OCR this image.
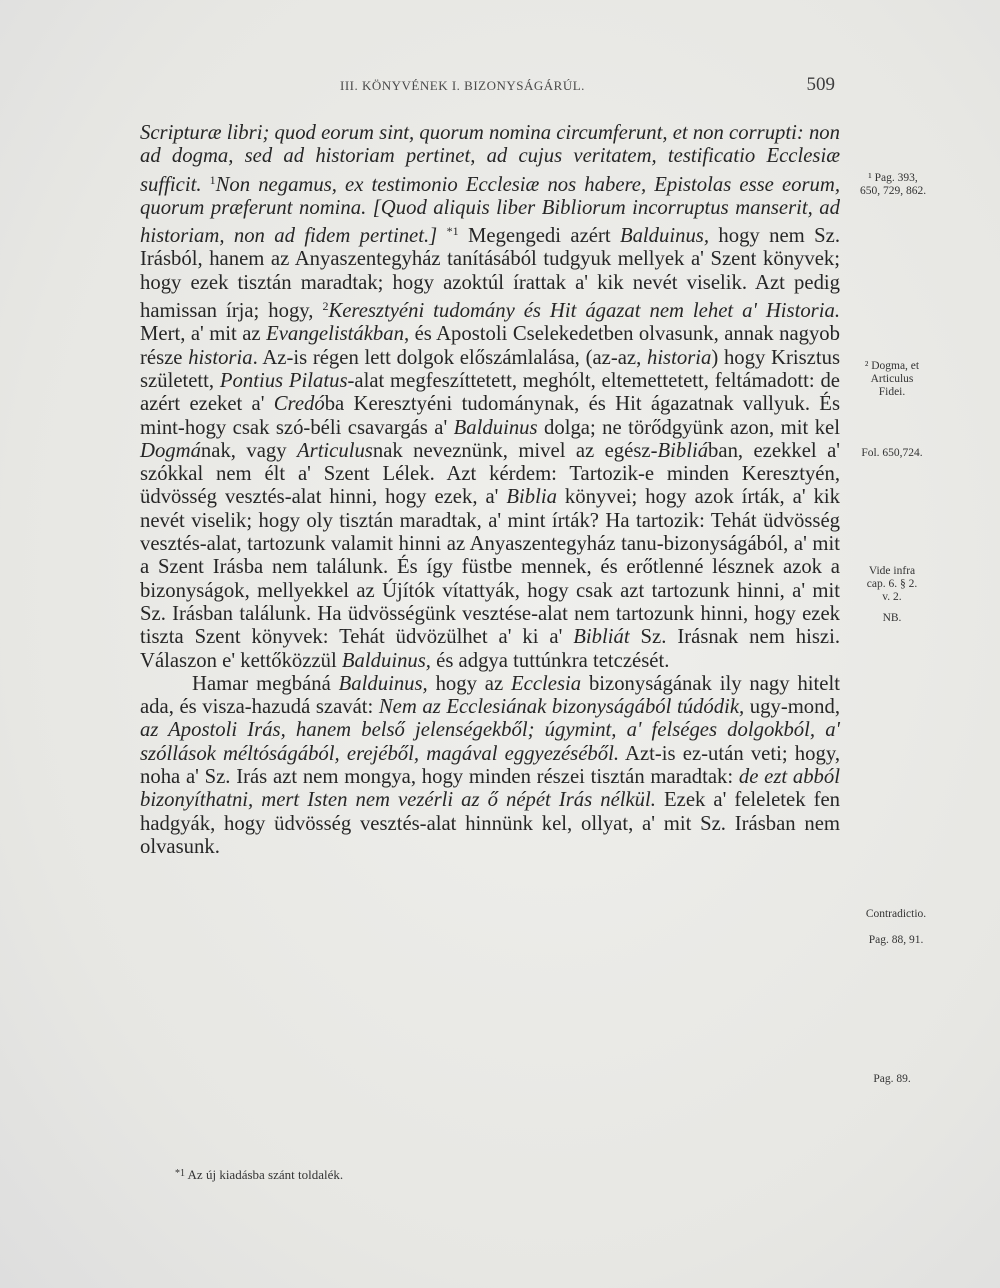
III. KÖNYVÉNEK I. BIZONYSÁGÁRÚL.	509

Scripturæ libri; quod eorum sint, quorum nomina circumferunt, et non corrupti: non ad dogma, sed ad historiam pertinet, ad cujus veritatem, testificatio Ecclesiæ sufficit. $^1$Non negamus, ex testimonio Ecclesiæ nos habere, Epistolas esse eorum, quorum præferunt nomina. [Quod aliquis liber Bibliorum incorruptus manserit, ad historiam, non ad fidem pertinet.] $^{*1}$ Megengedi azért Balduinus, hogy nem Sz. Irásból, hanem az Anyaszentegyház tanításából tudgyuk mellyek a' Szent könyvek; hogy ezek tisztán maradtak; hogy azoktúl írattak a' kik nevét viselik. Azt pedig hamissan írja; hogy, $^2$Keresztyéni tudomány és Hit ágazat nem lehet a' Historia. Mert, a' mit az Evangelistákban, és Apostoli Cselekedetben olvasunk, annak nagyob része historia. Az-is régen lett dolgok előszámlalása, (az-az, historia) hogy Krisztus született, Pontius Pilatus-alat megfeszíttetett, meghólt, eltemettetett, feltámadott: de azért ezeket a' Credóba Keresztyéni tudománynak, és Hit ágazatnak vallyuk. És mint-hogy csak szó-béli csavargás a' Balduinus dolga; ne törődgyünk azon, mit kel Dogmának, vagy Articulusnak neveznünk, mivel az egész-Bibliában, ezekkel a' szókkal nem élt a' Szent Lélek. Azt kérdem: Tartozik-e minden Keresztyén, üdvösség vesztés-alat hinni, hogy ezek, a' Biblia könyvei; hogy azok írták, a' kik nevét viselik; hogy oly tisztán maradtak, a' mint írták? Ha tartozik: Tehát üdvösség vesztés-alat, tartozunk valamit hinni az Anyaszentegyház tanu-bizonyságából, a' mit a Szent Irásba nem találunk. És így füstbe mennek, és erőtlenné lésznek azok a bizonyságok, mellyekkel az Újítók vítattyák, hogy csak azt tartozunk hinni, a' mit Sz. Irásban találunk. Ha üdvösségünk vesztése-alat nem tartozunk hinni, hogy ezek tiszta Szent könyvek: Tehát üdvözülhet a' ki a' Bibliát Sz. Irásnak nem hiszi. Válaszon e' kettőközzül Balduinus, és adgya tuttúnkra tetczését.

Hamar megbáná Balduinus, hogy az Ecclesia bizonyságának ily nagy hitelt ada, és visza-hazudá szavát: Nem az Ecclesiának bizonyságából túdódik, ugy-mond, az Apostoli Irás, hanem belső jelenségekből; úgymint, a' felséges dolgokból, a' szóllások méltóságából, erejéből, magával eggyezéséből. Azt-is ez-után veti; hogy, noha a' Sz. Irás azt nem mongya, hogy minden részei tisztán maradtak: de ezt abból bizonyíthatni, mert Isten nem vezérli az ő népét Irás nélkül. Ezek a' feleletek fen hadgyák, hogy üdvösség vesztés-alat hinnünk kel, ollyat, a' mit Sz. Irásban nem olvasunk.

¹ Pag. 393,
650, 729, 862.
² Dogma, et
Articulus
Fidei.
Fol. 650,724.
Vide infra
cap. 6. § 2.
v. 2.
NB.
Contradictio.
Pag. 88, 91.
Pag. 89.
$^{*1}$ Az új kiadásba szánt toldalék.
